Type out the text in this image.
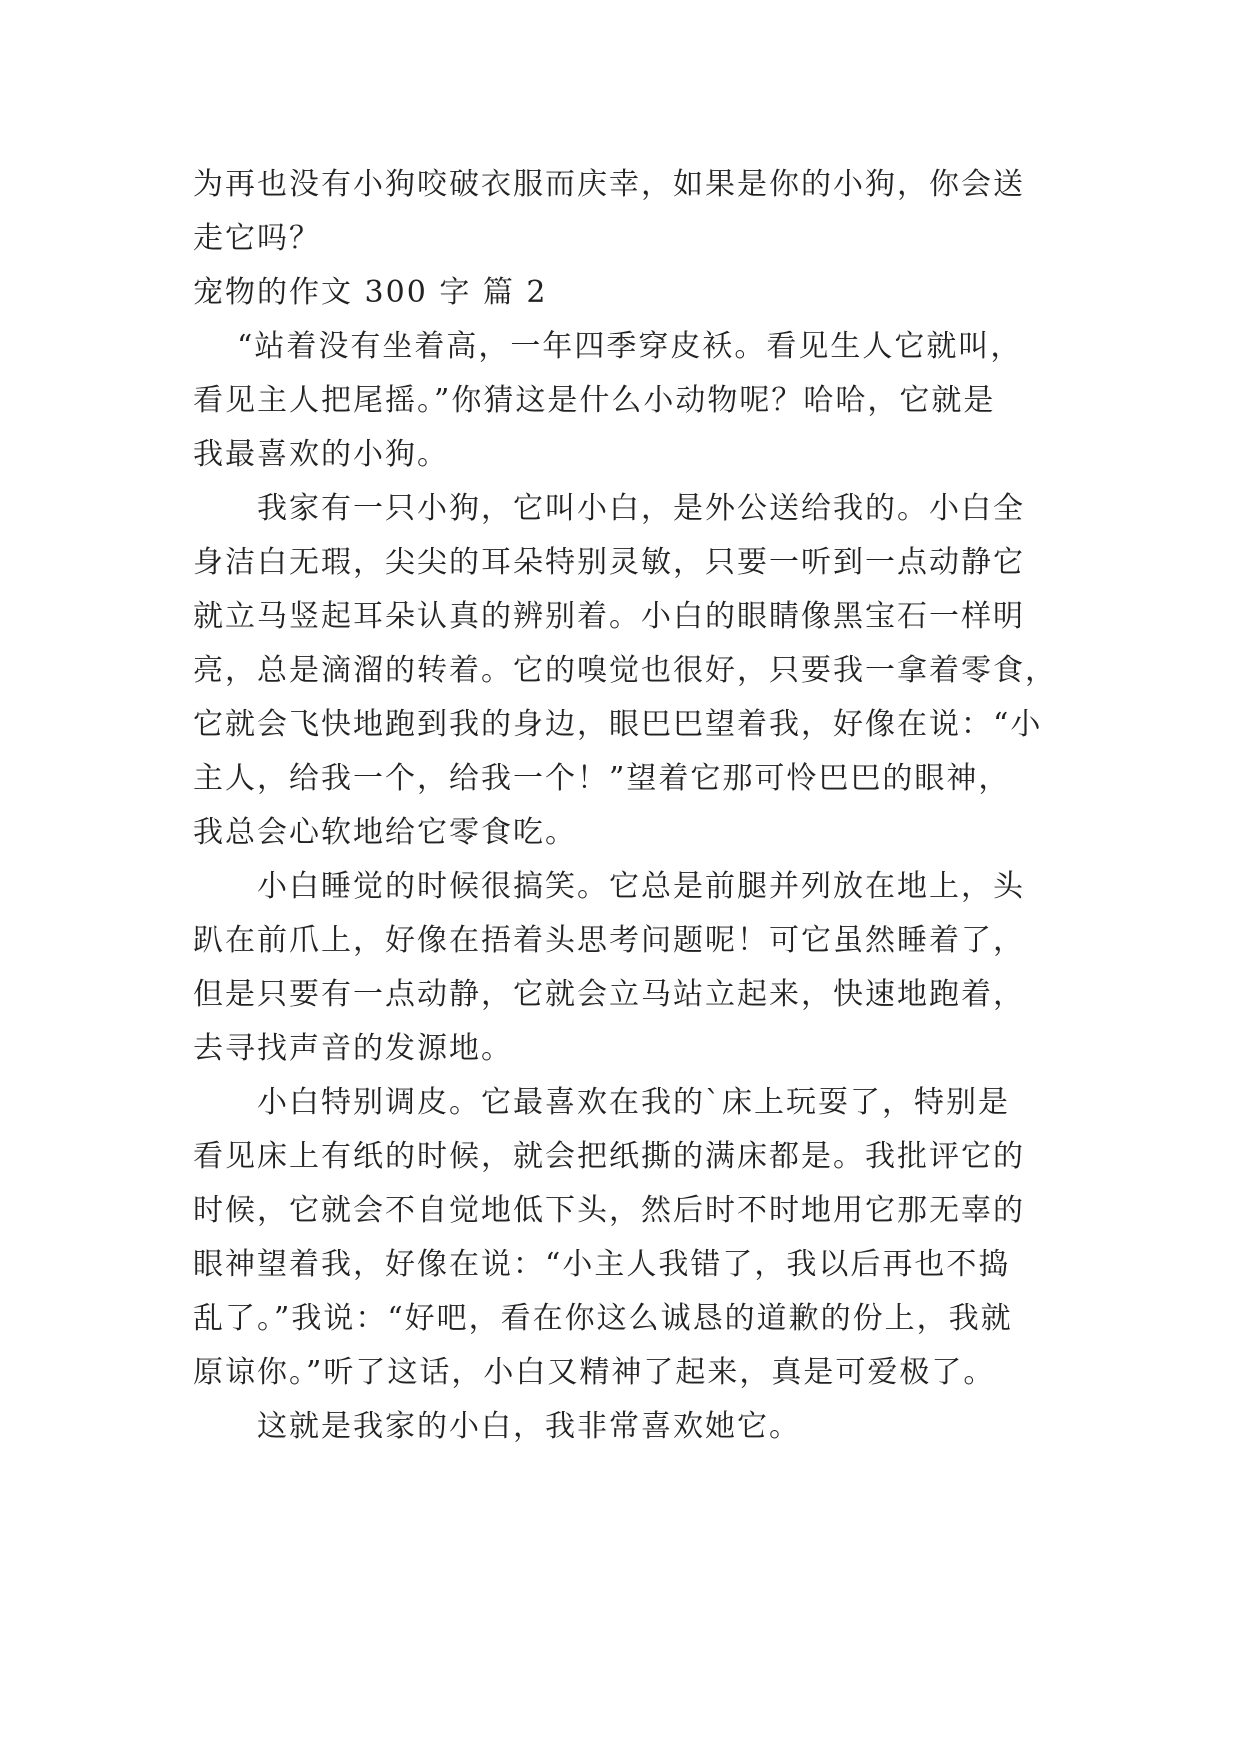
为再也没有小狗咬破衣服而庆幸，如果是你的小狗，你会送
走它吗？
宠物的作文 300 字 篇 2
“站着没有坐着高，一年四季穿皮袄。看见生人它就叫，
看见主人把尾摇。”你猜这是什么小动物呢？哈哈，它就是
我最喜欢的小狗。
我家有一只小狗，它叫小白，是外公送给我的。小白全
身洁白无瑕，尖尖的耳朵特别灵敏，只要一听到一点动静它
就立马竖起耳朵认真的辨别着。小白的眼睛像黑宝石一样明
亮，总是滴溜的转着。它的嗅觉也很好，只要我一拿着零食，
它就会飞快地跑到我的身边，眼巴巴望着我，好像在说：“小
主人，给我一个，给我一个！”望着它那可怜巴巴的眼神，
我总会心软地给它零食吃。
小白睡觉的时候很搞笑。它总是前腿并列放在地上，头
趴在前爪上，好像在捂着头思考问题呢！可它虽然睡着了，
但是只要有一点动静，它就会立马站立起来，快速地跑着，
去寻找声音的发源地。
小白特别调皮。它最喜欢在我的`床上玩耍了，特别是
看见床上有纸的时候，就会把纸撕的满床都是。我批评它的
时候，它就会不自觉地低下头，然后时不时地用它那无辜的
眼神望着我，好像在说：“小主人我错了，我以后再也不捣
乱了。”我说：“好吧，看在你这么诚恳的道歉的份上，我就
原谅你。”听了这话，小白又精神了起来，真是可爱极了。
这就是我家的小白，我非常喜欢她它。
